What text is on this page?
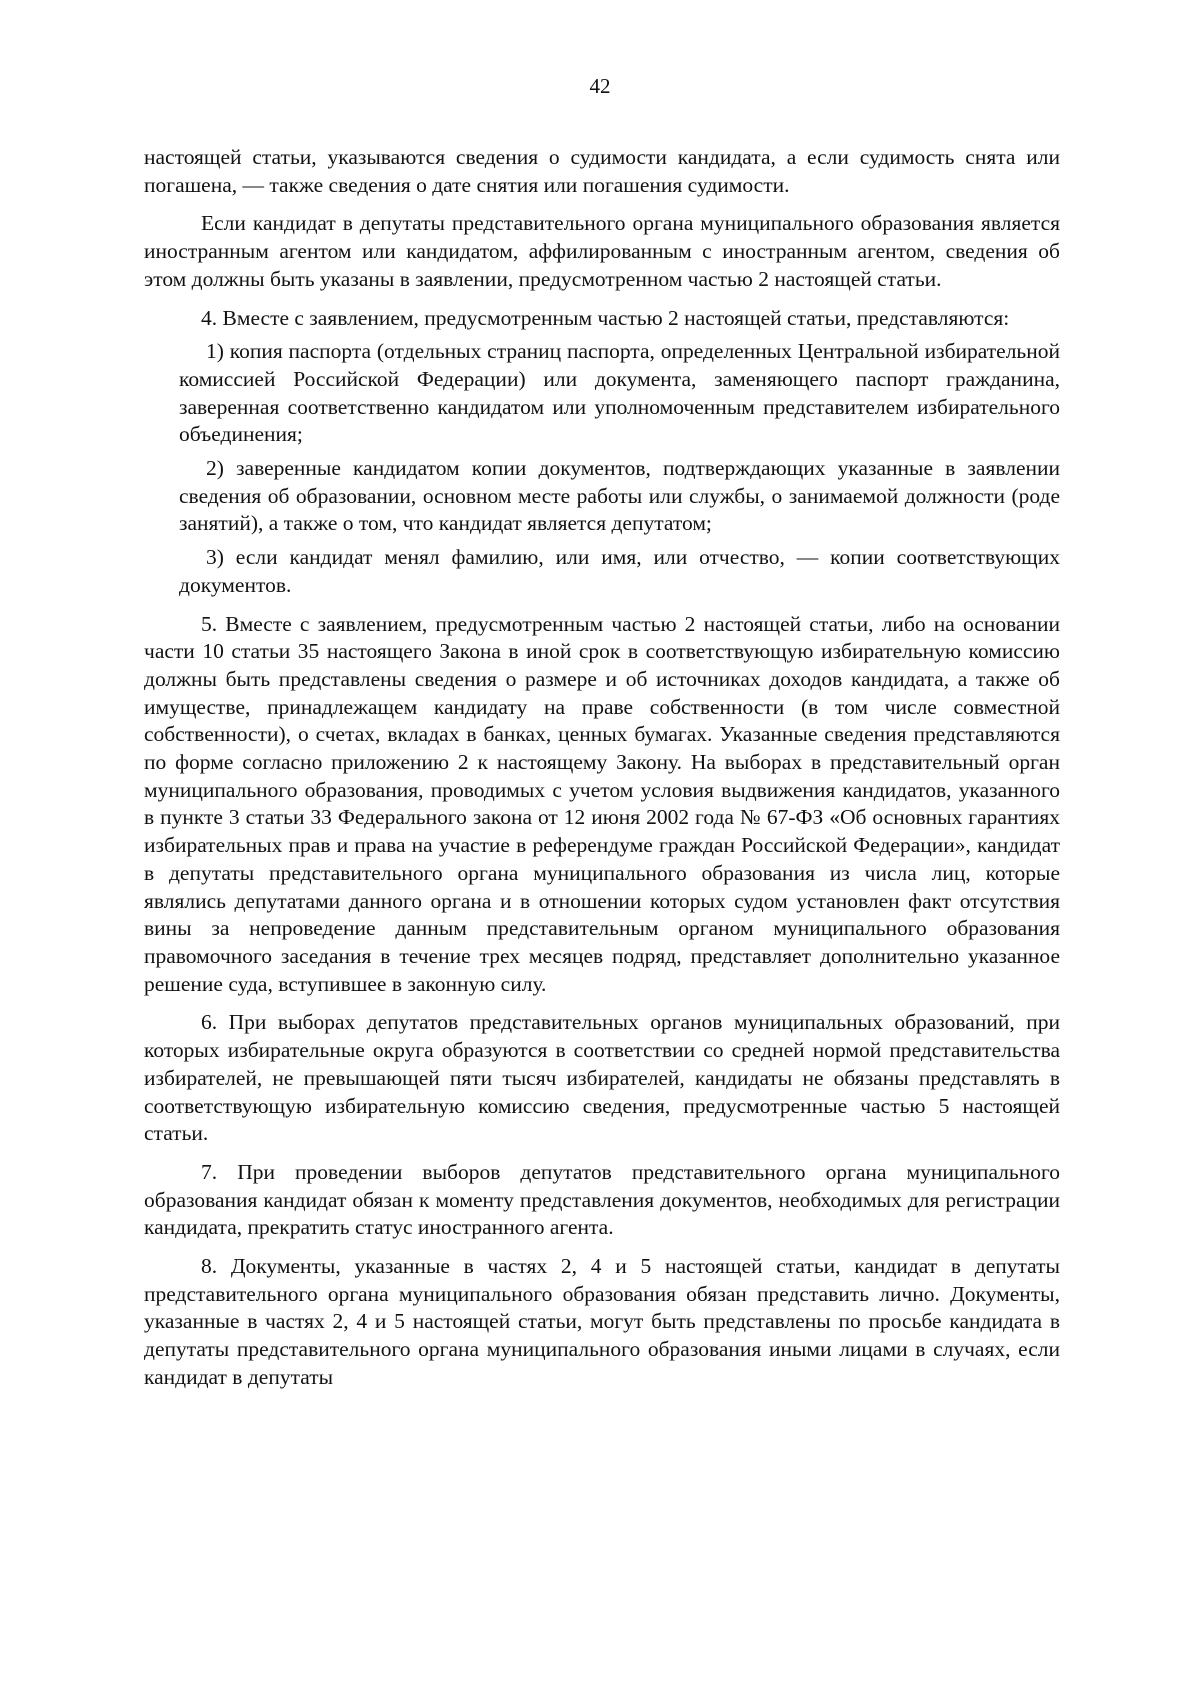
42

настоящей статьи, указываются сведения о судимости кандидата, а если судимость снята или погашена, — также сведения о дате снятия или погашения судимости.

Если кандидат в депутаты представительного органа муниципального образования является иностранным агентом или кандидатом, аффилированным с иностранным агентом, сведения об этом должны быть указаны в заявлении, предусмотренном частью 2 настоящей статьи.

4. Вместе с заявлением, предусмотренным частью 2 настоящей статьи, представляются:

1) копия паспорта (отдельных страниц паспорта, определенных Центральной избирательной комиссией Российской Федерации) или документа, заменяющего паспорт гражданина, заверенная соответственно кандидатом или уполномоченным представителем избирательного объединения;

2) заверенные кандидатом копии документов, подтверждающих указанные в заявлении сведения об образовании, основном месте работы или службы, о занимаемой должности (роде занятий), а также о том, что кандидат является депутатом;

3) если кандидат менял фамилию, или имя, или отчество, — копии соответствующих документов.

5. Вместе с заявлением, предусмотренным частью 2 настоящей статьи, либо на основании части 10 статьи 35 настоящего Закона в иной срок в соответствующую избирательную комиссию должны быть представлены сведения о размере и об источниках доходов кандидата, а также об имуществе, принадлежащем кандидату на праве собственности (в том числе совместной собственности), о счетах, вкладах в банках, ценных бумагах. Указанные сведения представляются по форме согласно приложению 2 к настоящему Закону. На выборах в представительный орган муниципального образования, проводимых с учетом условия выдвижения кандидатов, указанного в пункте 3 статьи 33 Федерального закона от 12 июня 2002 года № 67-ФЗ «Об основных гарантиях избирательных прав и права на участие в референдуме граждан Российской Федерации», кандидат в депутаты представительного органа муниципального образования из числа лиц, которые являлись депутатами данного органа и в отношении которых судом установлен факт отсутствия вины за непроведение данным представительным органом муниципального образования правомочного заседания в течение трех месяцев подряд, представляет дополнительно указанное решение суда, вступившее в законную силу.

6. При выборах депутатов представительных органов муниципальных образований, при которых избирательные округа образуются в соответствии со средней нормой представительства избирателей, не превышающей пяти тысяч избирателей, кандидаты не обязаны представлять в соответствующую избирательную комиссию сведения, предусмотренные частью 5 настоящей статьи.

7. При проведении выборов депутатов представительного органа муниципального образования кандидат обязан к моменту представления документов, необходимых для регистрации кандидата, прекратить статус иностранного агента.

8. Документы, указанные в частях 2, 4 и 5 настоящей статьи, кандидат в депутаты представительного органа муниципального образования обязан представить лично. Документы, указанные в частях 2, 4 и 5 настоящей статьи, могут быть представлены по просьбе кандидата в депутаты представительного органа муниципального образования иными лицами в случаях, если кандидат в депутаты
